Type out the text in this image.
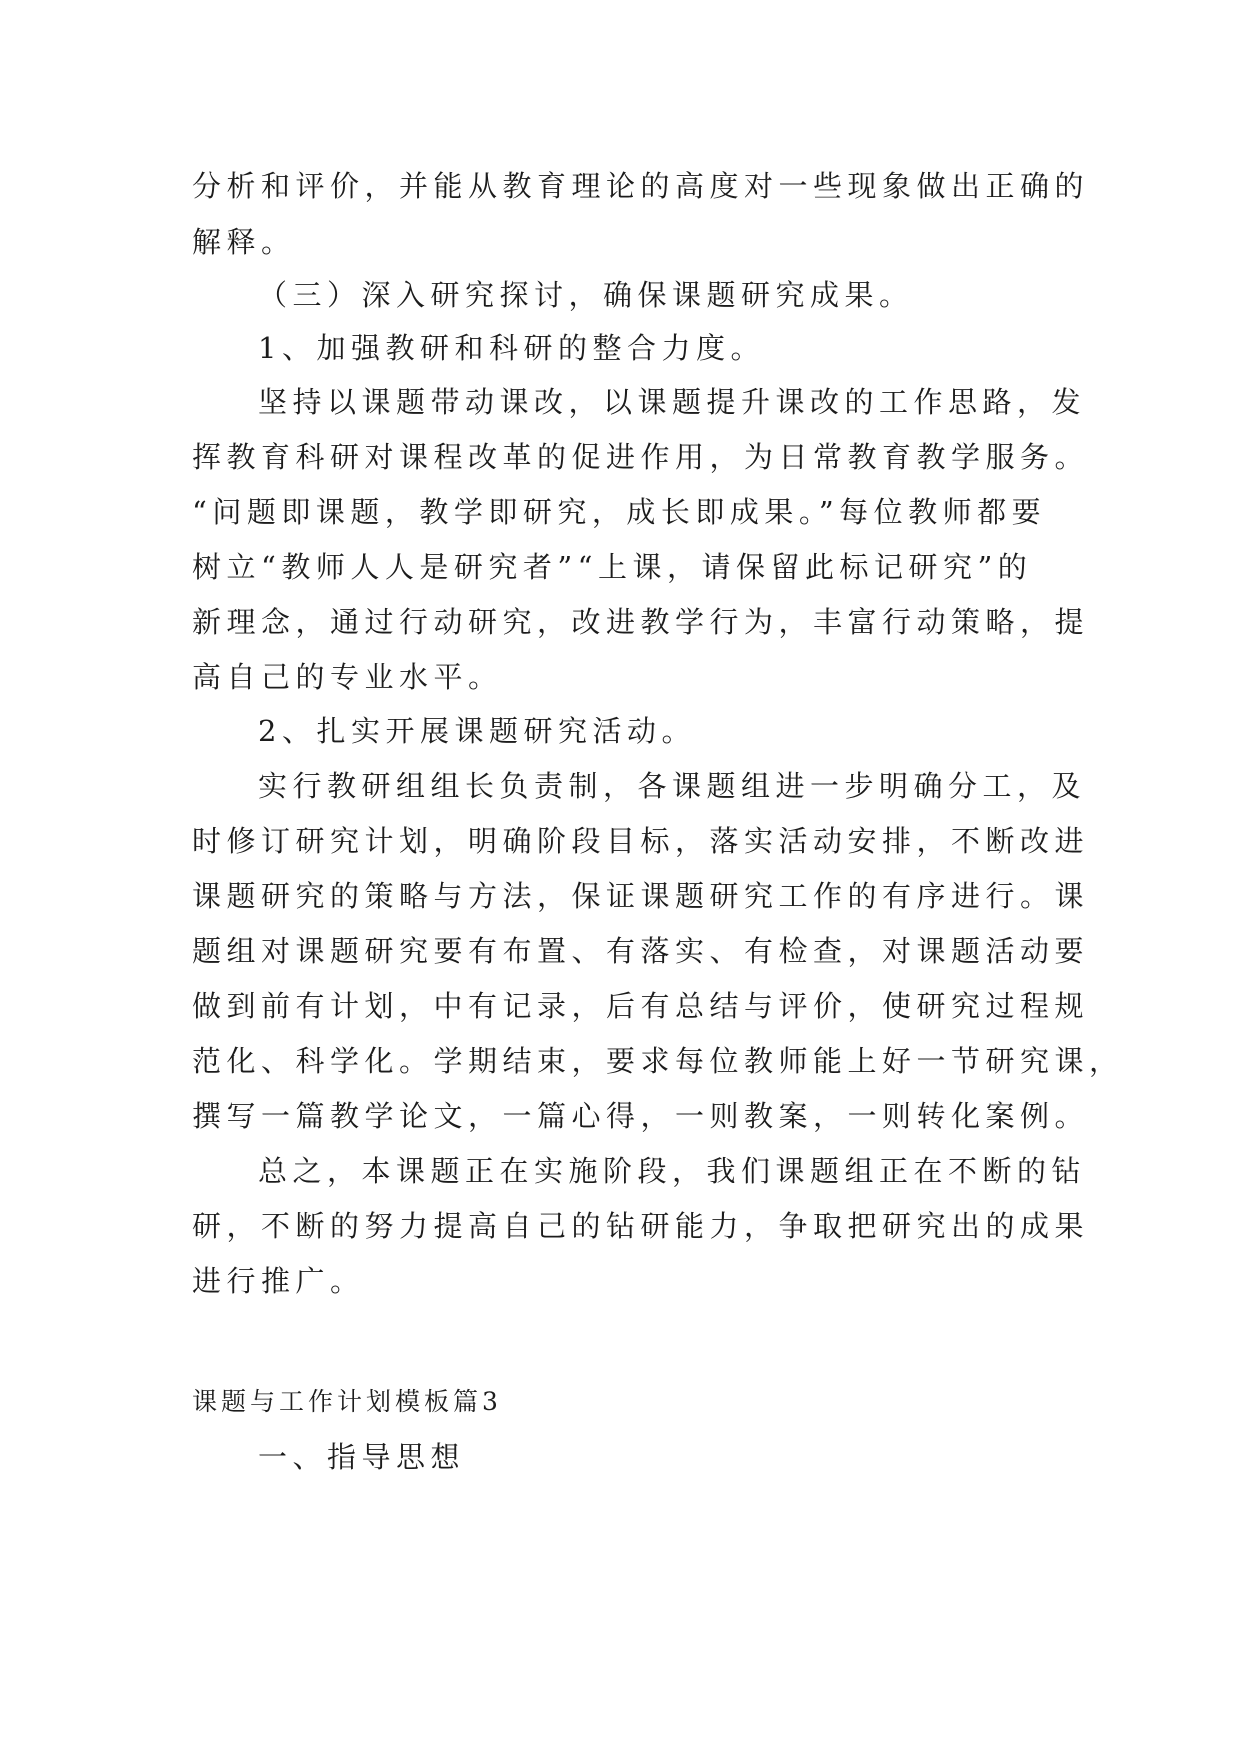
分析和评价，并能从教育理论的高度对一些现象做出正确的
解释。
（三）深入研究探讨，确保课题研究成果。
1、加强教研和科研的整合力度。
坚持以课题带动课改，以课题提升课改的工作思路，发
挥教育科研对课程改革的促进作用，为日常教育教学服务。
“问题即课题，教学即研究，成长即成果。”每位教师都要
树立“教师人人是研究者”“上课，请保留此标记研究”的
新理念，通过行动研究，改进教学行为，丰富行动策略，提
高自己的专业水平。
2、扎实开展课题研究活动。
实行教研组组长负责制，各课题组进一步明确分工，及
时修订研究计划，明确阶段目标，落实活动安排，不断改进
课题研究的策略与方法，保证课题研究工作的有序进行。课
题组对课题研究要有布置、有落实、有检查，对课题活动要
做到前有计划，中有记录，后有总结与评价，使研究过程规
范化、科学化。学期结束，要求每位教师能上好一节研究课，
撰写一篇教学论文，一篇心得，一则教案，一则转化案例。
总之，本课题正在实施阶段，我们课题组正在不断的钻
研，不断的努力提高自己的钻研能力，争取把研究出的成果
进行推广。
课题与工作计划模板篇3
一、指导思想
